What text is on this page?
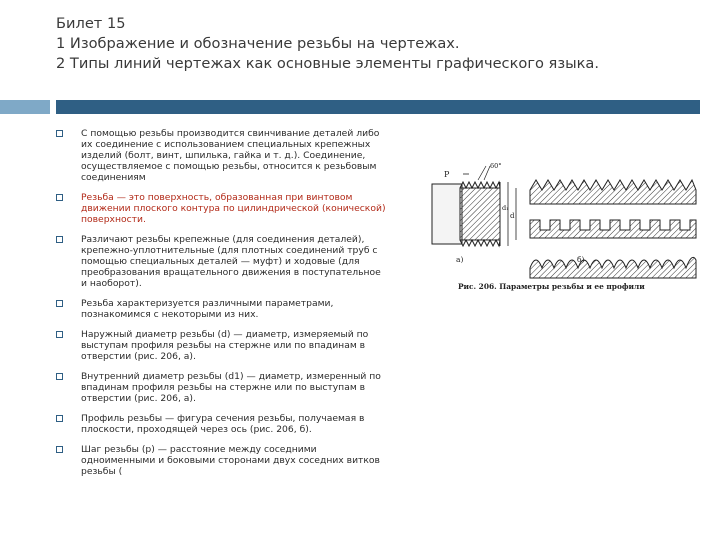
Билет 15
1 Изображение и обозначение резьбы на чертежах.
2 Типы линий чертежах как основные элементы графического языка.
С помощью резьбы производится свинчивание деталей либо их соединение с использованием специальных крепежных изделий (болт, винт, шпилька, гайка и т. д.). Соединение, осуществляемое с помощью резьбы, относится к резьбовым соединениям
Резьба — это поверхность, образованная при винтовом движении плоского контура по цилиндрической (конической) поверхности.
Различают резьбы крепежные (для соединения деталей), крепежно-уплотнительные (для плотных соединений труб с помощью специальных деталей — муфт) и ходовые (для преобразования вращательного движения в поступательное и наоборот).
Резьба характеризуется различными параметрами, познакомимся с некоторыми из них.
Наружный диаметр резьбы (d) — диаметр, измеряемый по выступам профиля резьбы на стержне или по впадинам в отверстии (рис. 206, а).
Внутренний диаметр резьбы (d1) — диаметр, измеренный по впадинам профиля резьбы на стержне или по выступам в отверстии (рис. 206, а).
Профиль резьбы — фигура сечения резьбы, получаемая в плоскости, проходящей через ось (рис. 206, б).
Шаг резьбы (р) — расстояние между соседними одноименными и боковыми сторонами двух соседних витков резьбы (
P
60°
d
d₁
а)	б)
Рис. 206. Параметры резьбы и ее профили
